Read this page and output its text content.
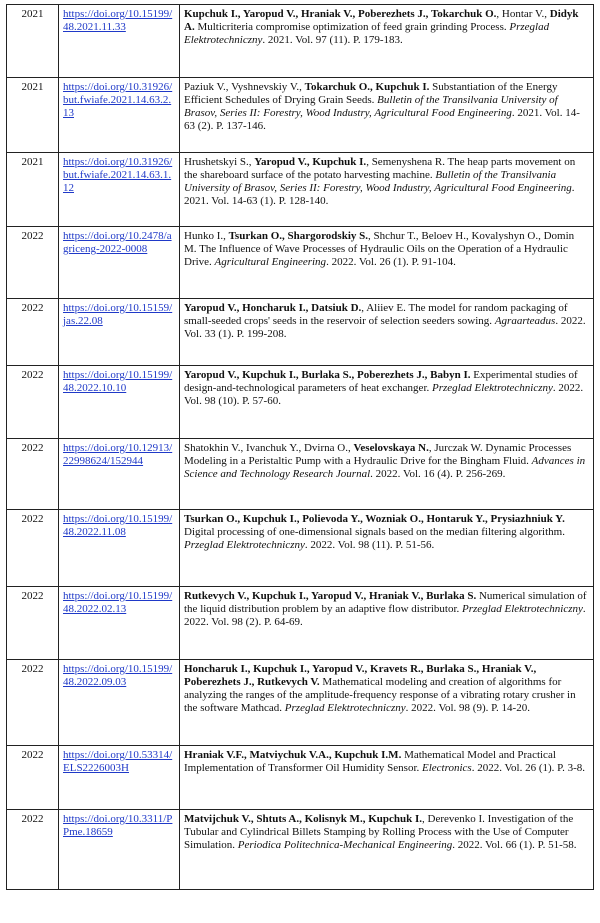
2021	https://doi.org/10.15199/48.2021.11.33	Kupchuk I., Yaropud V., Hraniak V., Poberezhets J., Tokarchuk O., Hontar V., Didyk A. Multicriteria compromise optimization of feed grain grinding Process. Przeglad Elektrotechniczny. 2021. Vol. 97 (11). P. 179-183.
2021	https://doi.org/10.31926/but.fwiafe.2021.14.63.2.13	Paziuk V., Vyshnevskiy V., Tokarchuk O., Kupchuk I. Substantiation of the Energy Efficient Schedules of Drying Grain Seeds. Bulletin of the Transilvania University of Brasov, Series II: Forestry, Wood Industry, Agricultural Food Engineering. 2021. Vol. 14-63 (2). P. 137-146.
2021	https://doi.org/10.31926/but.fwiafe.2021.14.63.1.12	Hrushetskyi S., Yaropud V., Kupchuk I., Semenyshena R. The heap parts movement on the shareboard surface of the potato harvesting machine. Bulletin of the Transilvania University of Brasov, Series II: Forestry, Wood Industry, Agricultural Food Engineering. 2021. Vol. 14-63 (1). P. 128-140.
2022	https://doi.org/10.2478/agriceng-2022-0008	Hunko I., Tsurkan O., Shargorodskiy S., Shchur T., Beloev H., Kovalyshyn O., Domin M. The Influence of Wave Processes of Hydraulic Oils on the Operation of a Hydraulic Drive. Agricultural Engineering. 2022. Vol. 26 (1). P. 91-104.
2022	https://doi.org/10.15159/jas.22.08	Yaropud V., Honcharuk I., Datsiuk D., Aliiev E. The model for random packaging of small-seeded crops' seeds in the reservoir of selection seeders sowing. Agraarteadus. 2022. Vol. 33 (1). P. 199-208.
2022	https://doi.org/10.15199/48.2022.10.10	Yaropud V., Kupchuk I., Burlaka S., Poberezhets J., Babyn I. Experimental studies of design-and-technological parameters of heat exchanger. Przeglad Elektrotechniczny. 2022. Vol. 98 (10). P. 57-60.
2022	https://doi.org/10.12913/22998624/152944	Shatokhin V., Ivanchuk Y., Dvirna O., Veselovskaya N., Jurczak W. Dynamic Processes Modeling in a Peristaltic Pump with a Hydraulic Drive for the Bingham Fluid. Advances in Science and Technology Research Journal. 2022. Vol. 16 (4). P. 256-269.
2022	https://doi.org/10.15199/48.2022.11.08	Tsurkan O., Kupchuk I., Polievoda Y., Wozniak O., Hontaruk Y., Prysiazhniuk Y. Digital processing of one-dimensional signals based on the median filtering algorithm. Przeglad Elektrotechniczny. 2022. Vol. 98 (11). P. 51-56.
2022	https://doi.org/10.15199/48.2022.02.13	Rutkevych V., Kupchuk I., Yaropud V., Hraniak V., Burlaka S. Numerical simulation of the liquid distribution problem by an adaptive flow distributor. Przeglad Elektrotechniczny. 2022. Vol. 98 (2). P. 64-69.
2022	https://doi.org/10.15199/48.2022.09.03	Honcharuk I., Kupchuk I., Yaropud V., Kravets R., Burlaka S., Hraniak V., Poberezhets J., Rutkevych V. Mathematical modeling and creation of algorithms for analyzing the ranges of the amplitude-frequency response of a vibrating rotary crusher in the software Mathcad. Przeglad Elektrotechniczny. 2022. Vol. 98 (9). P. 14-20.
2022	https://doi.org/10.53314/ELS2226003H	Hraniak V.F., Matviychuk V.A., Kupchuk I.M. Mathematical Model and Practical Implementation of Transformer Oil Humidity Sensor. Electronics. 2022. Vol. 26 (1). P. 3-8.
2022	https://doi.org/10.3311/PPme.18659	Matvijchuk V., Shtuts A., Kolisnyk M., Kupchuk I., Derevenko I. Investigation of the Tubular and Cylindrical Billets Stamping by Rolling Process with the Use of Computer Simulation. Periodica Politechnica-Mechanical Engineering. 2022. Vol. 66 (1). P. 51-58.
